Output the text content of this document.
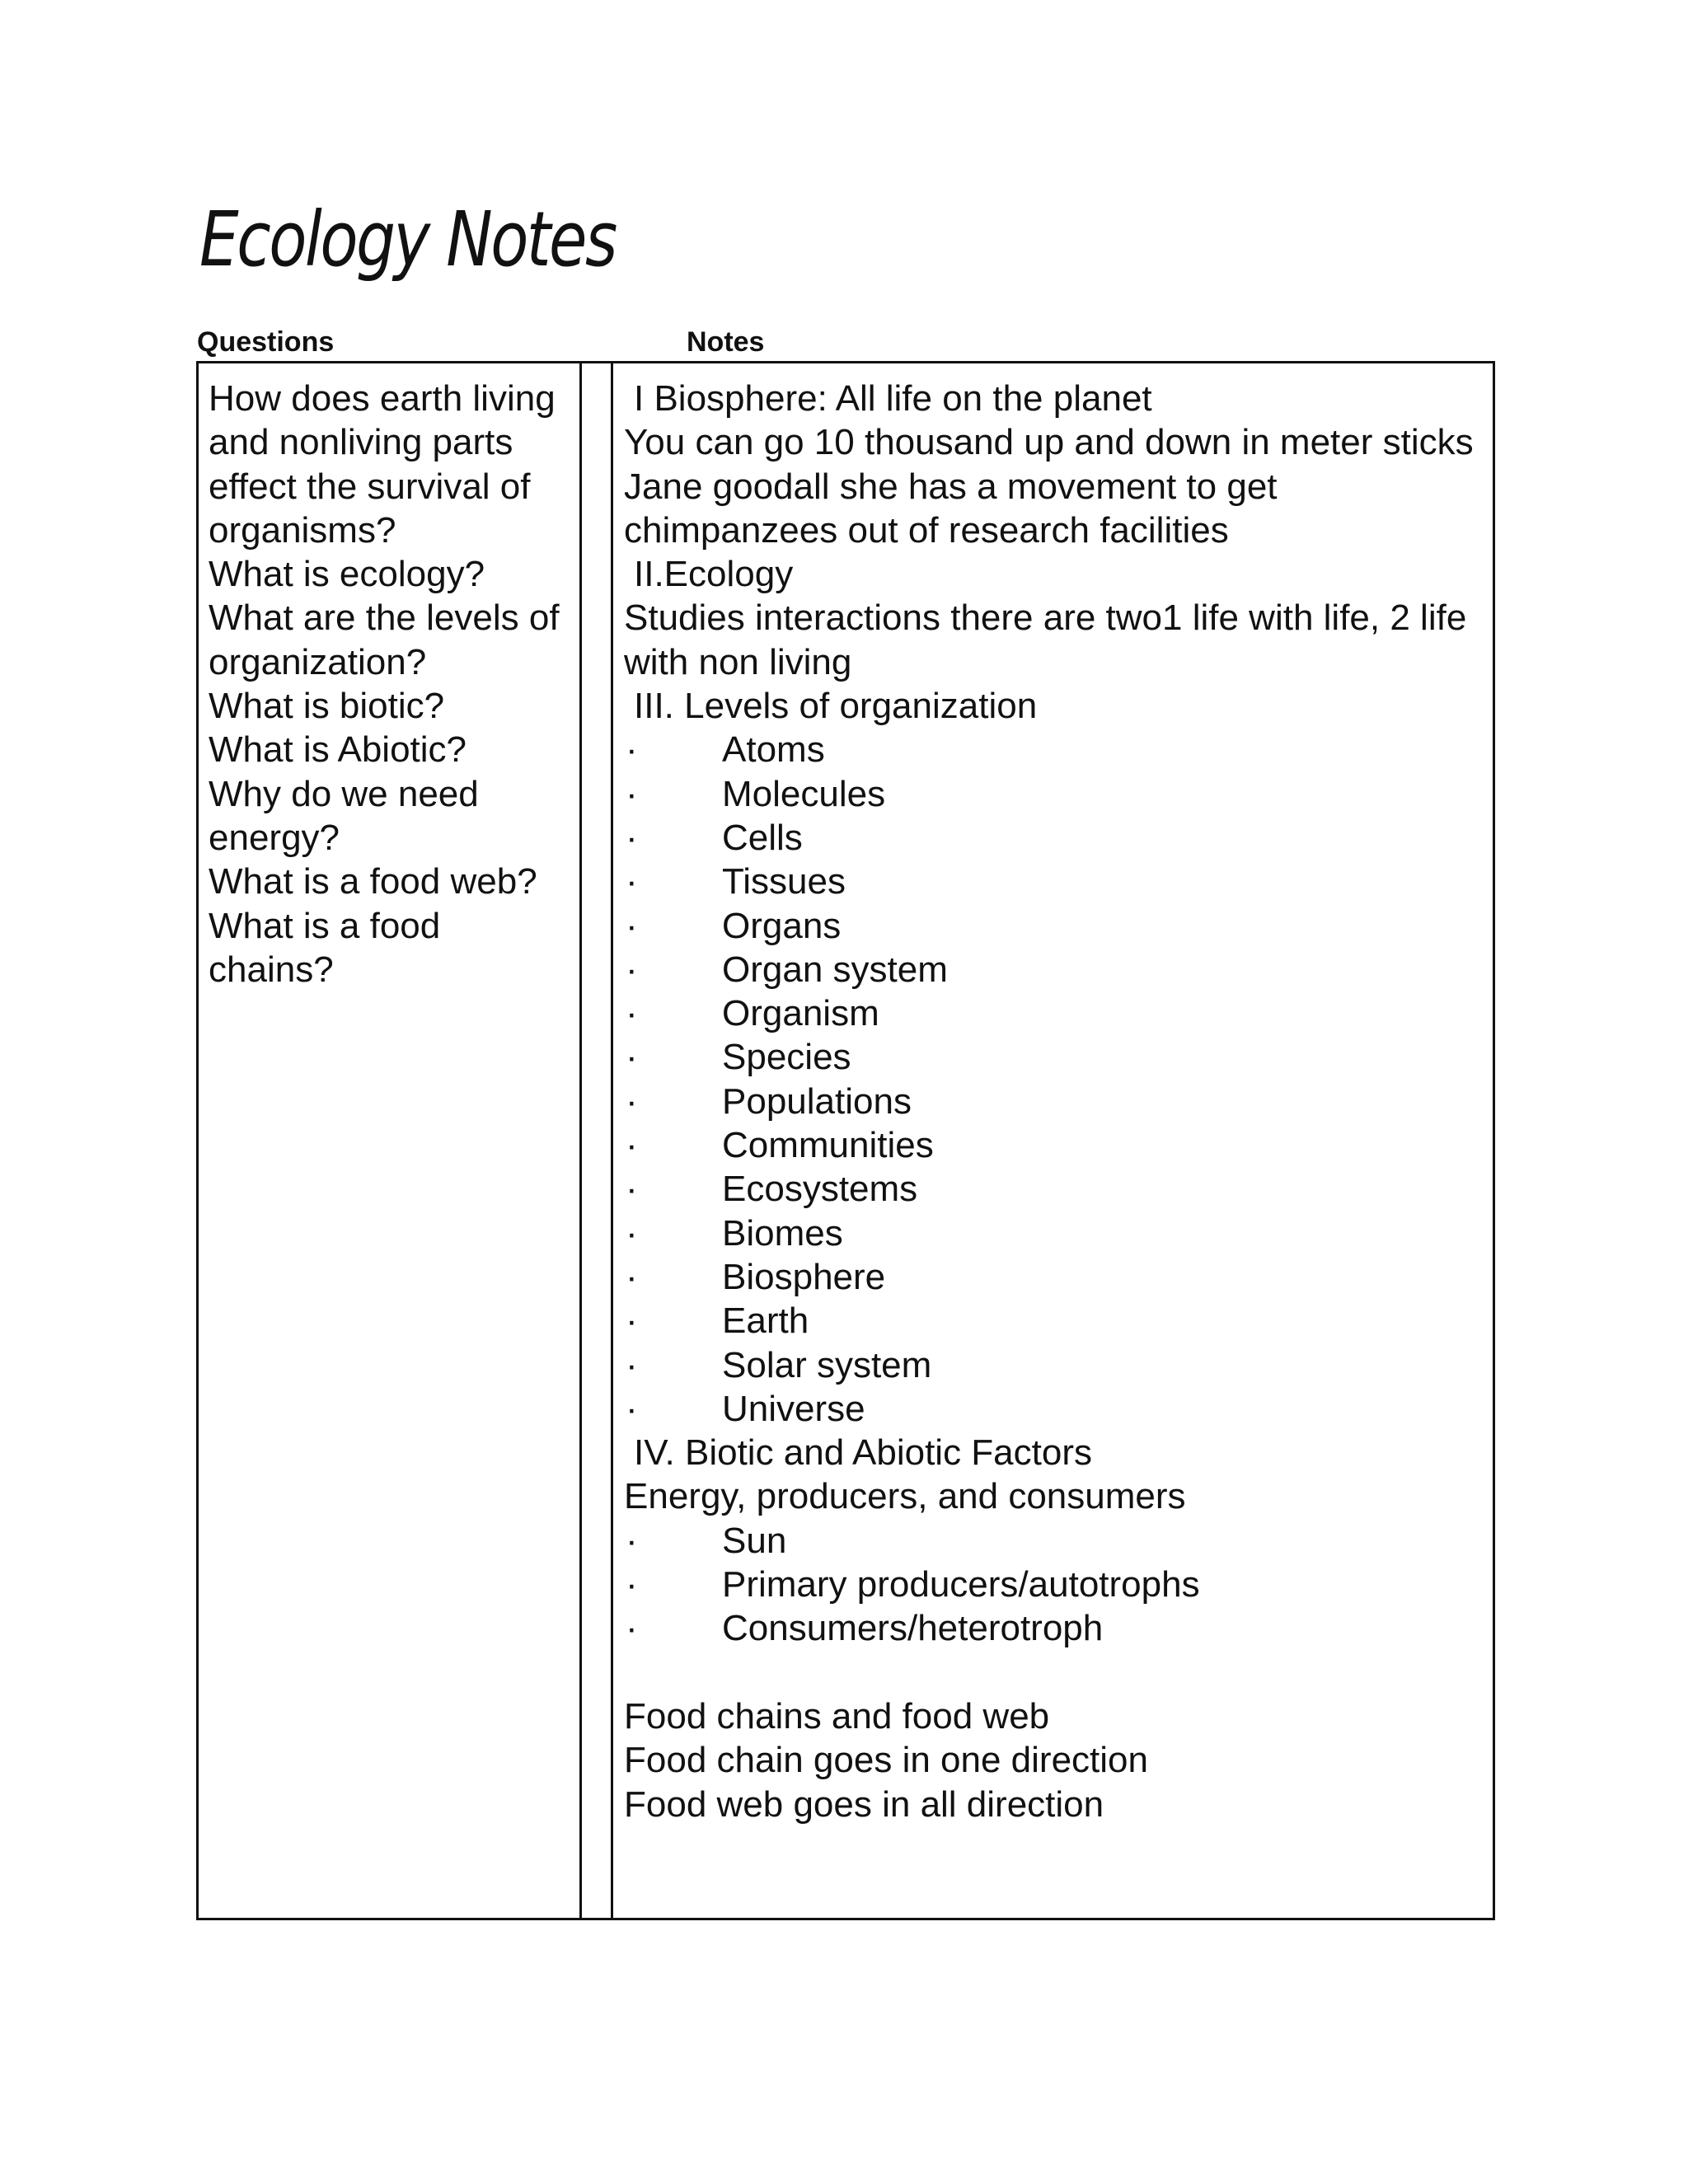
Ecology Notes
Questions	Notes
How does earth living and nonliving parts effect the survival of organisms?
What is ecology?
What are the levels of organization?
What is biotic?
What is Abiotic?
Why do we need energy?
What is a food web?
What is a food chains?
I Biosphere: All life on the planet
You can go 10 thousand up and down in meter sticks
Jane goodall she has a movement to get chimpanzees out of research facilities
II.Ecology
Studies interactions there are two1 life with life, 2 life with non living
III. Levels of organization
·	Atoms
·	Molecules
·	Cells
·	Tissues
·	Organs
·	Organ system
·	Organism
·	Species
·	Populations
·	Communities
·	Ecosystems
·	Biomes
·	Biosphere
·	Earth
·	Solar system
·	Universe
IV. Biotic and Abiotic Factors
Energy, producers, and consumers
·	Sun
·	Primary producers/autotrophs
·	Consumers/heterotroph
Food chains and food web
Food chain goes in one direction
Food web goes in all direction
